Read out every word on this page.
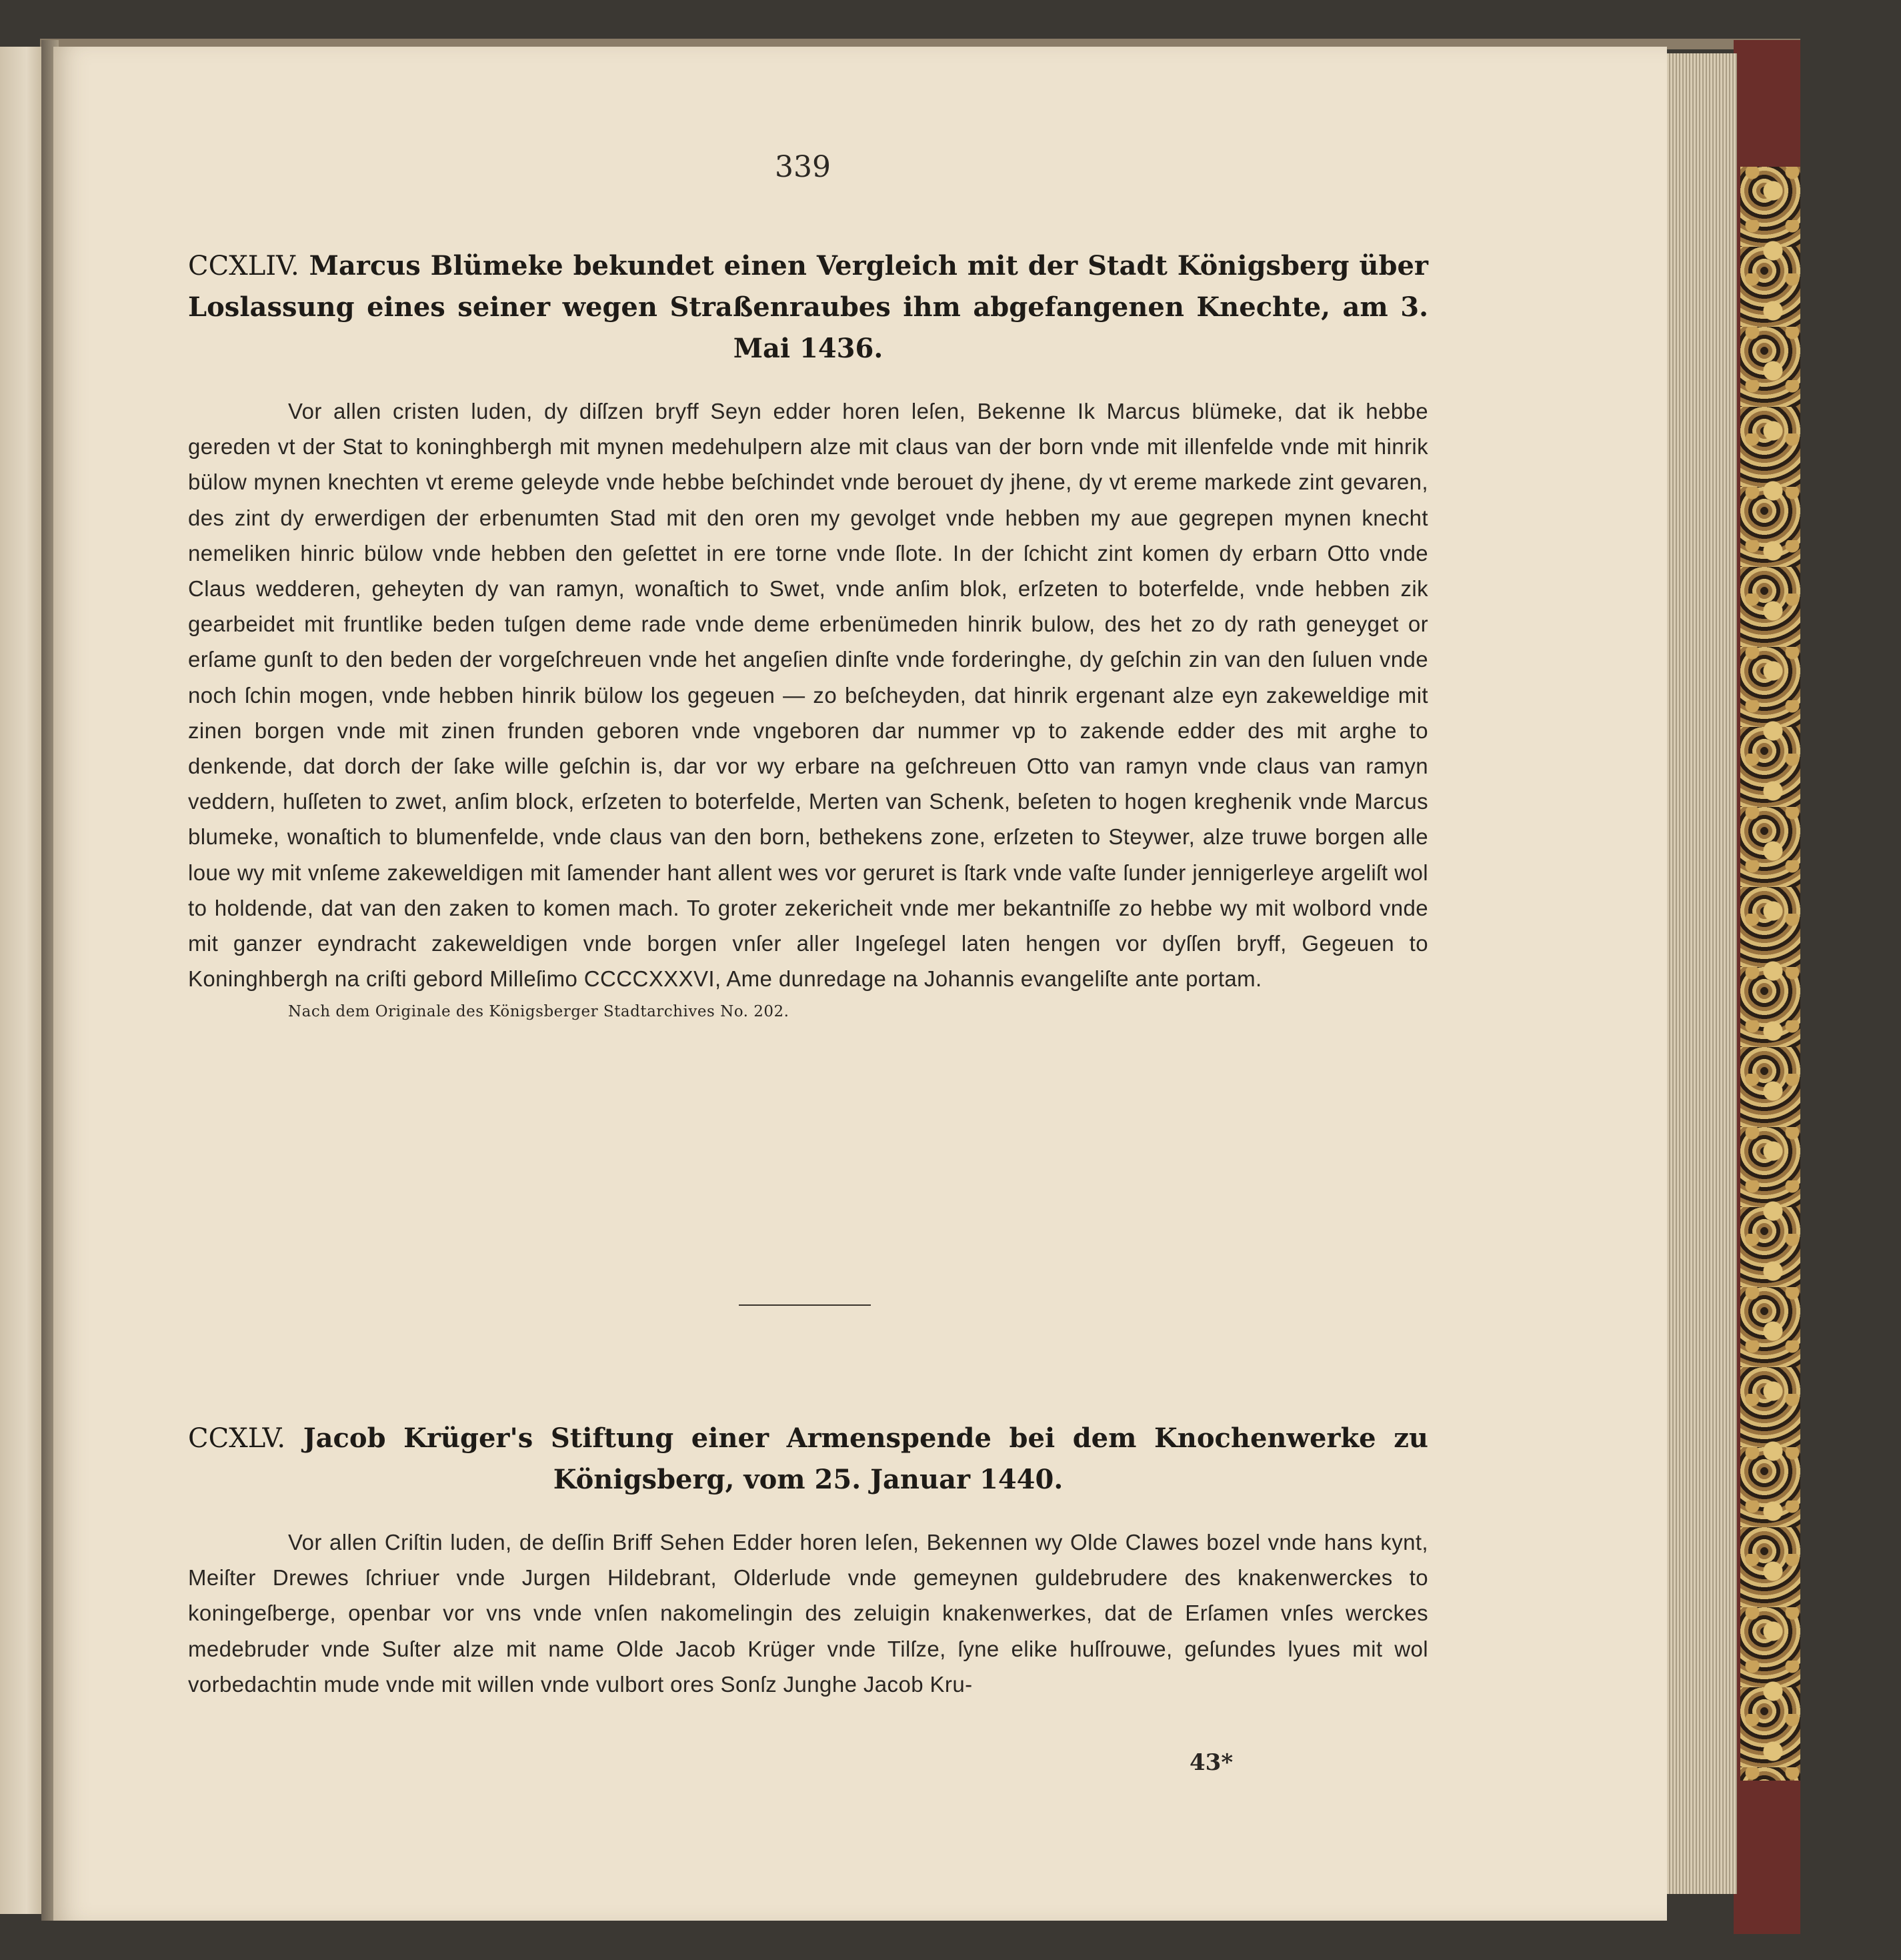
339
CCXLIV. Marcus Blümeke bekundet einen Vergleich mit der Stadt Königsberg über Loslassung eines seiner wegen Straßenraubes ihm abgefangenen Knechte, am 3. Mai 1436.

Vor allen cristen luden, dy diſſzen bryff Seyn edder horen leſen, Bekenne Ik Marcus blümeke, dat ik hebbe gereden vt der Stat to koninghbergh mit mynen medehulpern alze mit claus van der born vnde mit illenfelde vnde mit hinrik bülow mynen knechten vt ereme geleyde vnde hebbe beſchindet vnde berouet dy jhene, dy vt ereme markede zint gevaren, des zint dy erwerdigen der erbenumten Stad mit den oren my gevolget vnde hebben my aue gegrepen mynen knecht nemeliken hinric bülow vnde hebben den geſettet in ere torne vnde ſlote. In der ſchicht zint komen dy erbarn Otto vnde Claus wedderen, geheyten dy van ramyn, wonaſtich to Swet, vnde anſim blok, erſzeten to boterfelde, vnde hebben zik gearbeidet mit fruntlike beden tuſgen deme rade vnde deme erbenümeden hinrik bulow, des het zo dy rath geneyget or erſame gunſt to den beden der vorgeſchreuen vnde het angeſien dinſte vnde forderinghe, dy geſchin zin van den ſuluen vnde noch ſchin mogen, vnde hebben hinrik bülow los gegeuen — zo beſcheyden, dat hinrik ergenant alze eyn zakeweldige mit zinen borgen vnde mit zinen frunden geboren vnde vngeboren dar nummer vp to zakende edder des mit arghe to denkende, dat dorch der ſake wille geſchin is, dar vor wy erbare na geſchreuen Otto van ramyn vnde claus van ramyn veddern, huſſeten to zwet, anſim block, erſzeten to boterfelde, Merten van Schenk, beſeten to hogen kreghenik vnde Marcus blumeke, wonaſtich to blumenfelde, vnde claus van den born, bethekens zone, erſzeten to Steywer, alze truwe borgen alle loue wy mit vnſeme zakeweldigen mit ſamender hant allent wes vor geruret is ſtark vnde vaſte ſunder jennigerleye argeliſt wol to holdende, dat van den zaken to komen mach. To groter zekericheit vnde mer bekantniſſe zo hebbe wy mit wolbord vnde mit ganzer eyndracht zakeweldigen vnde borgen vnſer aller Ingeſegel laten hengen vor dyſſen bryff, Gegeuen to Koninghbergh na criſti gebord Milleſimo CCCCXXXVI, Ame dunredage na Johannis evangeliſte ante portam.

Nach dem Originale des Königsberger Stadtarchives No. 202.
CCXLV. Jacob Krüger's Stiftung einer Armenspende bei dem Knochenwerke zu Königsberg, vom 25. Januar 1440.

Vor allen Criſtin luden, de deſſin Briff Sehen Edder horen leſen, Bekennen wy Olde Clawes bozel vnde hans kynt, Meiſter Drewes ſchriuer vnde Jurgen Hildebrant, Olderlude vnde gemeynen guldebrudere des knakenwerckes to koningeſberge, openbar vor vns vnde vnſen nakomelingin des zeluigin knakenwerkes, dat de Erſamen vnſes werckes medebruder vnde Suſter alze mit name Olde Jacob Krüger vnde Tilſze, ſyne elike huſſrouwe, geſundes lyues mit wol vorbedachtin mude vnde mit willen vnde vulbort ores Sonſz Junghe Jacob Kru-

43*
